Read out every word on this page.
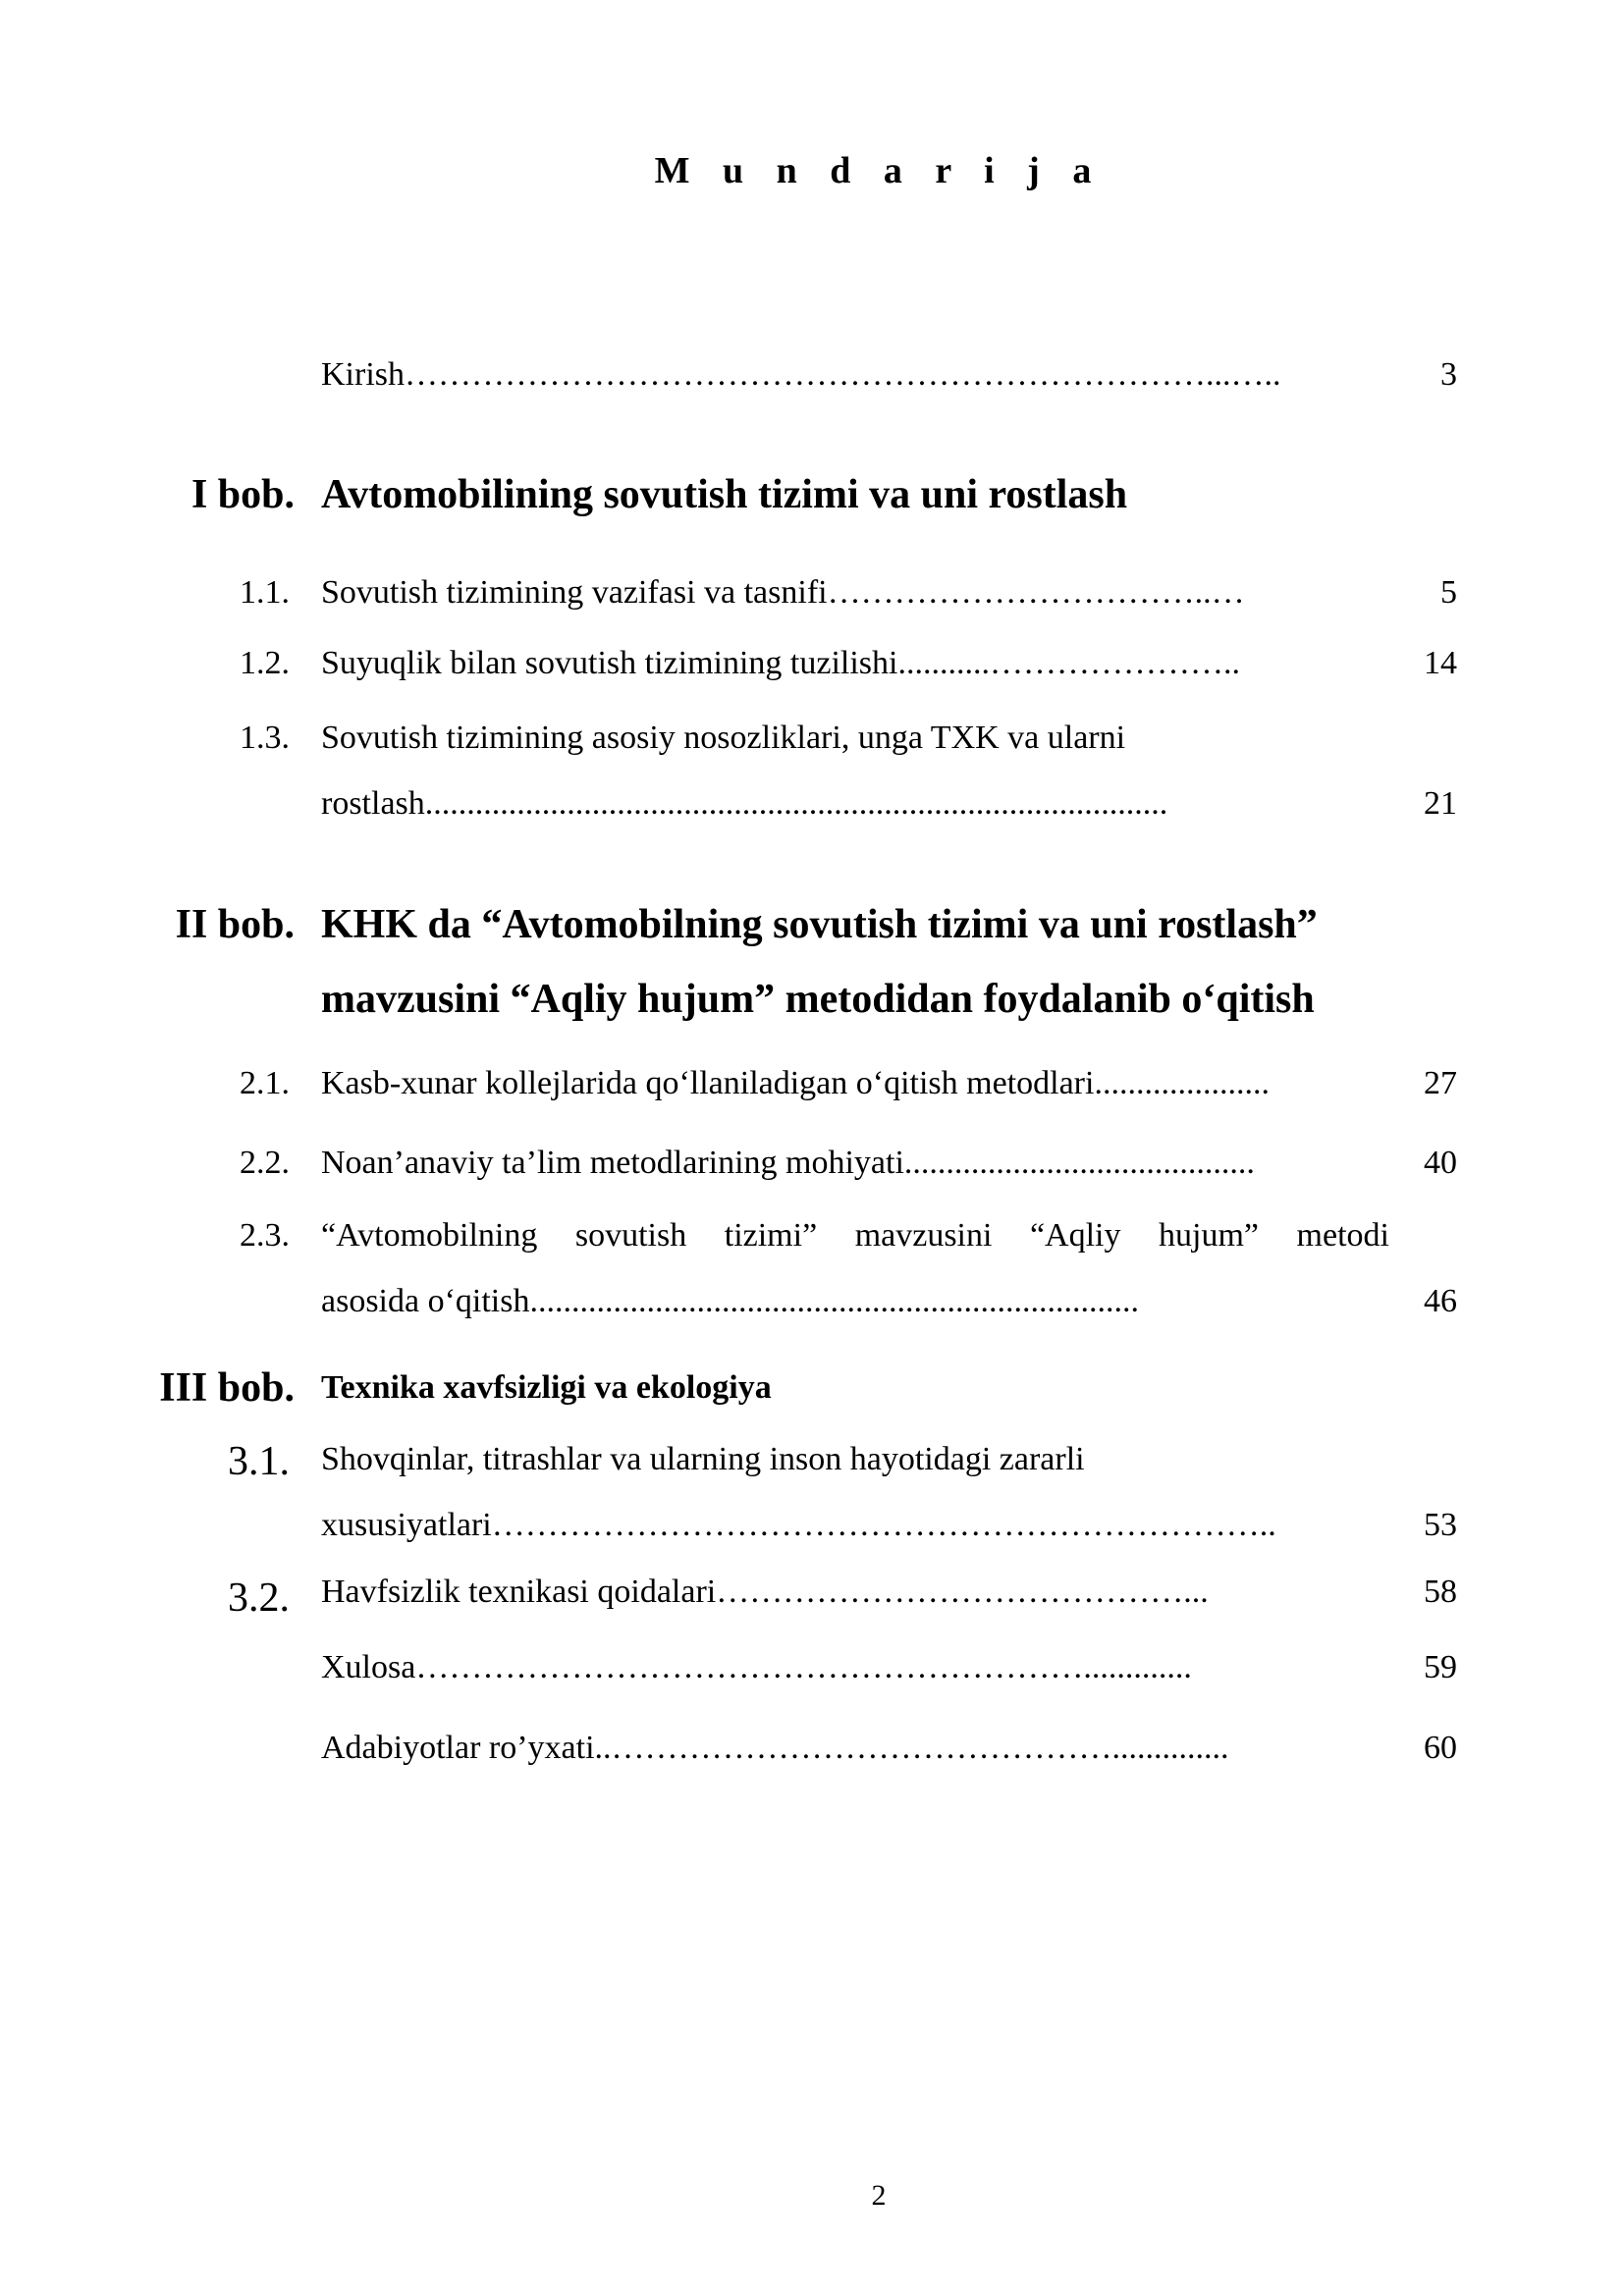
M u n d a r i j a
Kirish………………………………………………………………...…..	3
I bob. Avtomobilining sovutish tizimi va uni rostlash
1.1. Sovutish tizimining vazifasi va tasnifi……………………………..…	5
1.2. Suyuqlik bilan sovutish tizimining tuzilishi...........…………………..	14
1.3. Sovutish tizimining asosiy nosozliklari, unga TXK va ularni
rostlash.........................................................................................	21
II bob. KHK da “Avtomobilning sovutish tizimi va uni rostlash”
mavzusini “Aqliy hujum” metodidan foydalanib o‘qitish
2.1. Kasb-xunar kollejlarida qo‘llaniladigan o‘qitish metodlari.....................	27
2.2. Noan’anaviy ta’lim metodlarining mohiyati..........................................	40
2.3. “Avtomobilning sovutish tizimi” mavzusini “Aqliy hujum” metodi
asosida o‘qitish.........................................................................	46
III bob. Texnika xavfsizligi va ekologiya
3.1. Shovqinlar, titrashlar va ularning inson hayotidagi zararli
xususiyatlari……………………………………………………………..	53
3.2. Havfsizlik texnikasi qoidalari……………………………………...	58
Xulosa…………………………………………………….............	59
Adabiyotlar ro’yxati..………………………………………..............	60
2
